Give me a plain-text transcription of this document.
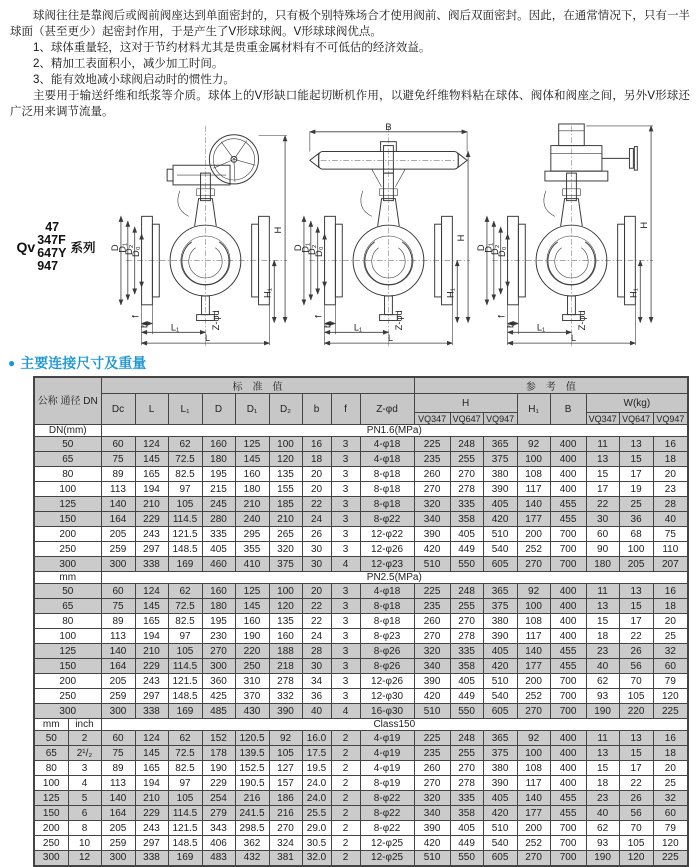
球阀往往是靠阀后或阀前阀座达到单面密封的，只有极个别特殊场合才使用阀前、阀后双面密封。因此，在通常情况下，只有一半球面（甚至更少）起密封作用，于是产生了V形球球阀。V形球球阀优点。

1、球体重量轻，这对于节约材料尤其是贵重金属材料有不可低估的经济效益。

2、精加工表面积小，减少加工时间。

3、能有效地减小球阀启动时的惯性力。

主要用于输送纤维和纸浆等介质。球体上的V形缺口能起切断机作用，以避免纤维物料粘在球体、阀体和阀座之间，另外V形球还广泛用来调节流量。

Qv
47
347F
647Y
947
系列
H
B
H
H
● 主要连接尺寸及重量
公称 通径 DN		标　准　值									参　考　值							
		Dc	L	L₁	D	D₁	D₂	b	f	Z-φd	H			H₁	B	W(kg)		
											VQ347	VQ647	VQ947			VQ347	VQ647	VQ947
DN(mm)		PN1.6(MPa)																
50		60	124	62	160	125	100	16	3	4-φ18	225	248	365	92	400	11	13	16
65		75	145	72.5	180	145	120	18	3	4-φ18	235	255	375	100	400	13	15	18
80		89	165	82.5	195	160	135	20	3	8-φ18	260	270	380	108	400	15	17	20
100		113	194	97	215	180	155	20	3	8-φ18	270	278	390	117	400	17	19	23
125		140	210	105	245	210	185	22	3	8-φ18	320	335	405	140	455	22	25	28
150		164	229	114.5	280	240	210	24	3	8-φ22	340	358	420	177	455	30	36	40
200		205	243	121.5	335	295	265	26	3	12-φ22	390	405	510	200	700	60	68	75
250		259	297	148.5	405	355	320	30	3	12-φ26	420	449	540	252	700	90	100	110
300		300	338	169	460	410	375	30	4	12-φ23	510	550	605	270	700	180	205	207
mm		PN2.5(MPa)																
50		60	124	62	160	125	100	20	3	4-φ18	225	248	365	92	400	11	13	16
65		75	145	72.5	180	145	120	22	3	8-φ18	235	255	375	100	400	13	15	18
80		89	165	82.5	195	160	135	22	3	8-φ18	260	270	380	108	400	15	17	20
100		113	194	97	230	190	160	24	3	8-φ23	270	278	390	117	400	18	22	25
125		140	210	105	270	220	188	28	3	8-φ26	320	335	405	140	455	23	26	32
150		164	229	114.5	300	250	218	30	3	8-φ26	340	358	420	177	455	40	56	60
200		205	243	121.5	360	310	278	34	3	12-φ26	390	405	510	200	700	62	70	79
250		259	297	148.5	425	370	332	36	3	12-φ30	420	449	540	252	700	93	105	120
300		300	338	169	485	430	390	40	4	16-φ30	510	550	605	270	700	190	220	225
mm	inch	Class150																
50	2	60	124	62	152	120.5	92	16.0	2	4-φ19	225	248	365	92	400	11	13	16
65	2¹/₂	75	145	72.5	178	139.5	105	17.5	2	4-φ19	235	255	375	100	400	13	15	18
80	3	89	165	82.5	190	152.5	127	19.5	2	4-φ19	260	270	380	108	400	15	17	20
100	4	113	194	97	229	190.5	157	24.0	2	8-φ19	270	278	390	117	400	18	22	25
125	5	140	210	105	254	216	186	24.0	2	8-φ22	320	335	405	140	455	23	26	32
150	6	164	229	114.5	279	241.5	216	25.5	2	8-φ22	340	358	420	177	455	40	56	60
200	8	205	243	121.5	343	298.5	270	29.0	2	8-φ22	390	405	510	200	700	62	70	79
250	10	259	297	148.5	406	362	324	30.5	2	12-φ25	420	449	540	252	700	93	105	120
300	12	300	338	169	483	432	381	32.0	2	12-φ25	510	550	605	270	700	190	120	225
